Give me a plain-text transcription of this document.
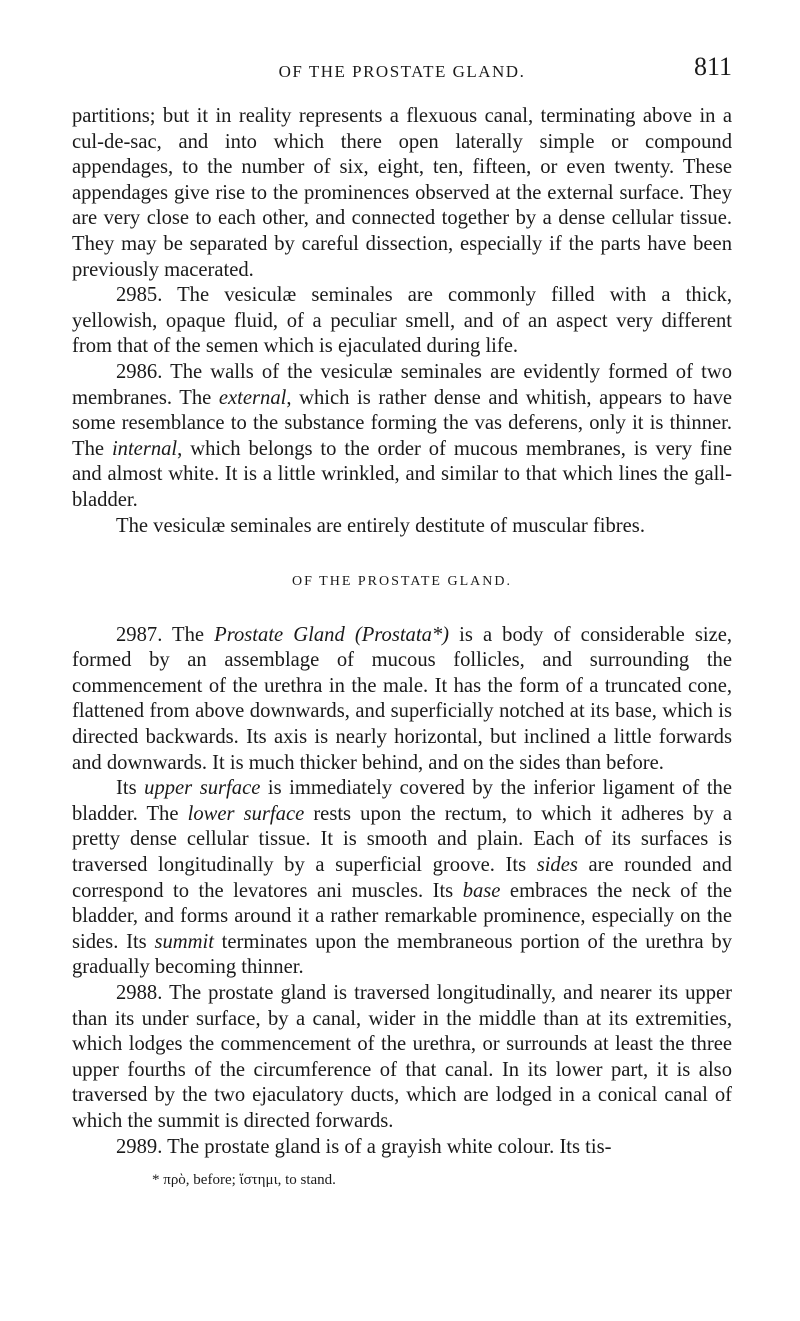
OF THE PROSTATE GLAND.	811

partitions; but it in reality represents a flexuous canal, terminating above in a cul-de-sac, and into which there open laterally simple or compound appendages, to the number of six, eight, ten, fifteen, or even twenty. These appendages give rise to the prominences observed at the external surface. They are very close to each other, and connected together by a dense cellular tissue. They may be separated by careful dissection, especially if the parts have been previously macerated.

2985. The vesiculæ seminales are commonly filled with a thick, yellowish, opaque fluid, of a peculiar smell, and of an aspect very different from that of the semen which is ejaculated during life.

2986. The walls of the vesiculæ seminales are evidently formed of two membranes. The external, which is rather dense and whitish, appears to have some resemblance to the substance forming the vas deferens, only it is thinner. The internal, which belongs to the order of mucous membranes, is very fine and almost white. It is a little wrinkled, and similar to that which lines the gall-bladder.

The vesiculæ seminales are entirely destitute of muscular fibres.

OF THE PROSTATE GLAND.

2987. The Prostate Gland (Prostata*) is a body of considerable size, formed by an assemblage of mucous follicles, and surrounding the commencement of the urethra in the male. It has the form of a truncated cone, flattened from above downwards, and superficially notched at its base, which is directed backwards. Its axis is nearly horizontal, but inclined a little forwards and downwards. It is much thicker behind, and on the sides than before.

Its upper surface is immediately covered by the inferior ligament of the bladder. The lower surface rests upon the rectum, to which it adheres by a pretty dense cellular tissue. It is smooth and plain. Each of its surfaces is traversed longitudinally by a superficial groove. Its sides are rounded and correspond to the levatores ani muscles. Its base embraces the neck of the bladder, and forms around it a rather remarkable prominence, especially on the sides. Its summit terminates upon the membraneous portion of the urethra by gradually becoming thinner.

2988. The prostate gland is traversed longitudinally, and nearer its upper than its under surface, by a canal, wider in the middle than at its extremities, which lodges the commencement of the urethra, or surrounds at least the three upper fourths of the circumference of that canal. In its lower part, it is also traversed by the two ejaculatory ducts, which are lodged in a conical canal of which the summit is directed forwards.

2989. The prostate gland is of a grayish white colour. Its tis-

* πρὸ, before; ἵστημι, to stand.
